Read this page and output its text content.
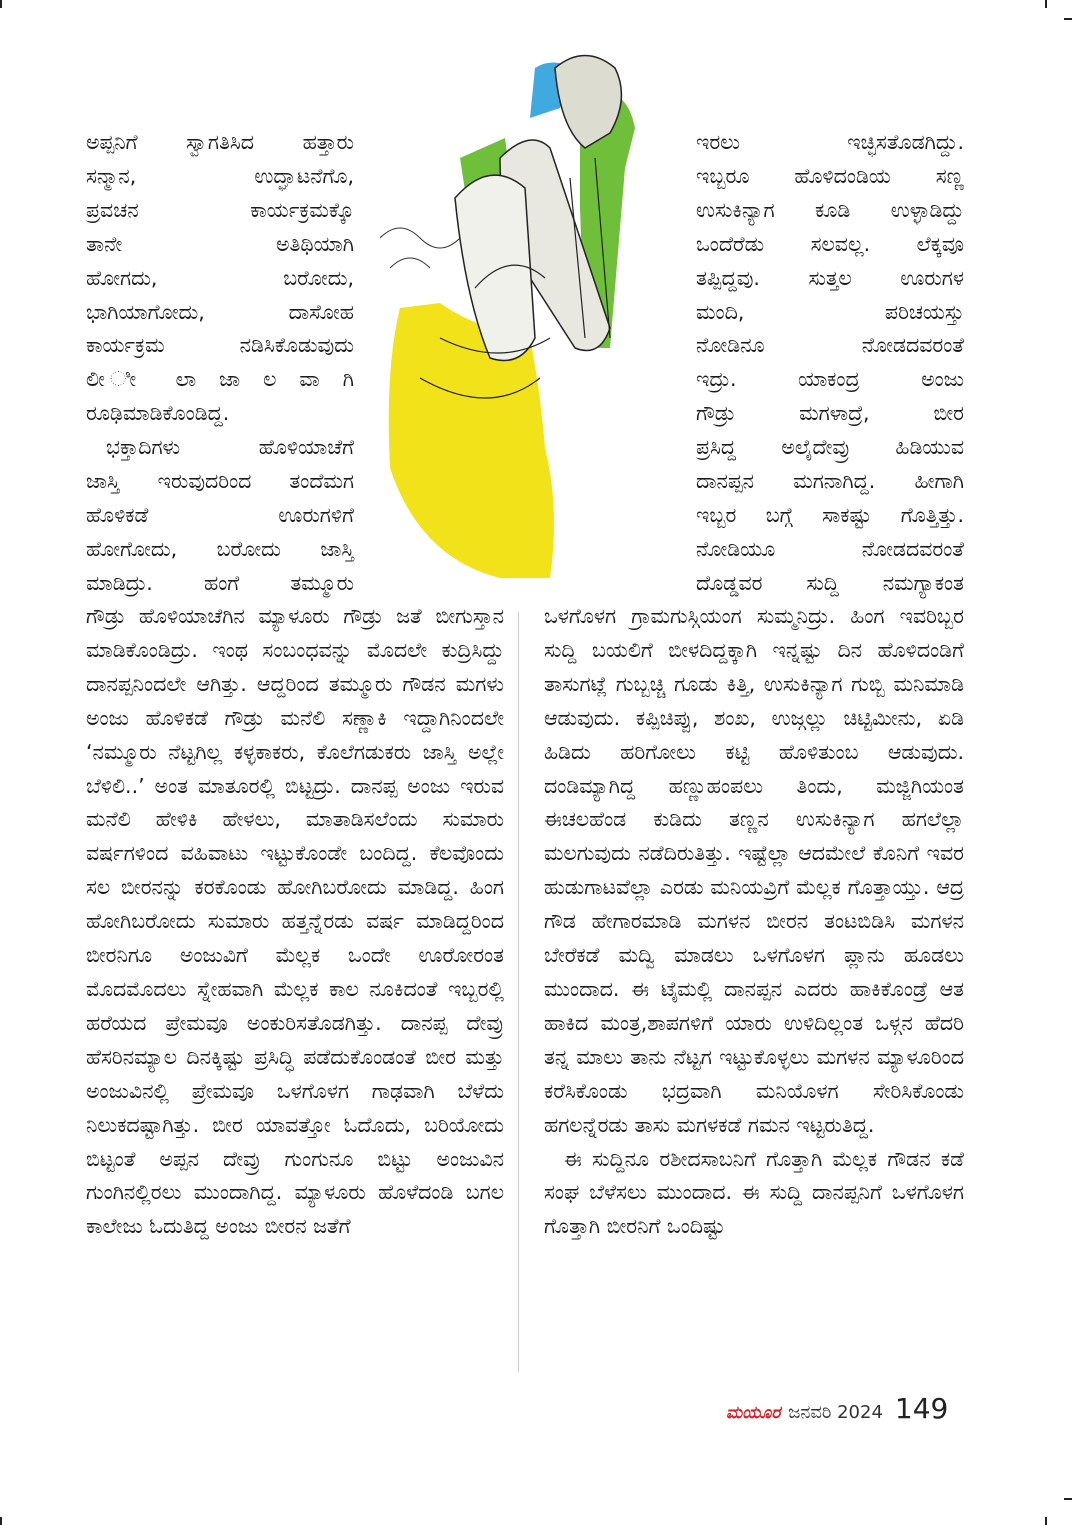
ಅಪ್ಪನಿಗೆ ಸ್ವಾಗತಿಸಿದ ಹತ್ತಾರು
ಸನ್ಮಾನ, ಉದ್ಘಾಟನೆಗೊ,
ಪ್ರವಚನ ಕಾರ್ಯಕ್ರಮಕ್ಕೊ
ತಾನೇ ಅತಿಥಿಯಾಗಿ
ಹೋಗದು, ಬರೋದು,
ಭಾಗಿಯಾಗೋದು, ದಾಸೋಹ
ಕಾರ್ಯಕ್ರಮ ನಡಿಸಿಕೊಡುವುದು
ಲೀ ೀ ಲಾ ಜಾ ಲ ವಾ ಗಿ
ರೂಢಿಮಾಡಿಕೊಂಡಿದ್ದ.
ಭಕ್ತಾದಿಗಳು ಹೊಳಿಯಾಚೆಗೆ
ಜಾಸ್ತಿ ಇರುವುದರಿಂದ ತಂದೆಮಗ
ಹೊಳಿಕಡೆ ಊರುಗಳಿಗೆ
ಹೋಗೋದು, ಬರೋದು ಜಾಸ್ತಿ
ಮಾಡಿದ್ರು. ಹಂಗೆ ತಮ್ಮೂರು
ಇರಲು ಇಚ್ಛಿಸತೊಡಗಿದ್ದು.
ಇಬ್ಬರೂ ಹೊಳಿದಂಡಿಯ ಸಣ್ಣ
ಉಸುಕಿನ್ಯಾಗ ಕೂಡಿ ಉಳ್ಳಾಡಿದ್ದು
ಒಂದೆರೆಡು ಸಲವಲ್ಲ. ಲೆಕ್ಕವೂ
ತಪ್ಪಿದ್ದವು. ಸುತ್ತಲ ಊರುಗಳ
ಮಂದಿ, ಪರಿಚಯಸ್ತು
ನೋಡಿನೂ ನೋಡದವರಂತೆ
ಇದ್ರು. ಯಾಕಂದ್ರ ಅಂಜು
ಗೌಡ್ರು ಮಗಳಾದ್ರೆ, ಬೀರ
ಪ್ರಸಿದ್ದ ಅಲೈದೇವ್ರು ಹಿಡಿಯುವ
ದಾನಪ್ಪನ ಮಗನಾಗಿದ್ದ. ಹೀಗಾಗಿ
ಇಬ್ಬರ ಬಗ್ಗೆ ಸಾಕಷ್ಟು ಗೊತ್ತಿತ್ತು.
ನೋಡಿಯೂ ನೋಡದವರಂತೆ
ದೊಡ್ಡವರ ಸುದ್ದಿ ನಮಗ್ಯಾಕಂತ

ಗೌಡ್ರು ಹೊಳಿಯಾಚೆಗಿನ ಮ್ಯಾಳೂರು ಗೌಡ್ರು ಜತೆ ಬೀಗುಸ್ತಾನ ಮಾಡಿಕೊಂಡಿದ್ರು. ಇಂಥ ಸಂಬಂಧವನ್ನು ಮೊದಲೇ ಕುದ್ರಿಸಿದ್ದು ದಾನಪ್ಪನಿಂದಲೇ ಆಗಿತ್ತು. ಆದ್ದರಿಂದ ತಮ್ಮೂರು ಗೌಡನ ಮಗಳು ಅಂಜು ಹೊಳಿಕಡೆ ಗೌಡ್ರು ಮನೆಲಿ ಸಣ್ಣಾಕಿ ಇದ್ದಾಗಿನಿಂದಲೇ ‘ನಮ್ಮೂರು ನೆಟ್ಟಗಿಲ್ಲ ಕಳ್ಳಕಾಕರು, ಕೊಲೆಗಡುಕರು ಜಾಸ್ತಿ ಅಲ್ಲೇ ಬೆಳಿಲಿ..’ ಅಂತ ಮಾತೂರಲ್ಲಿ ಬಿಟ್ಟದ್ರು. ದಾನಪ್ಪ ಅಂಜು ಇರುವ ಮನೆಲಿ ಹೇಳಿಕಿ ಹೇಳಲು, ಮಾತಾಡಿಸಲೆಂದು ಸುಮಾರು ವರ್ಷಗಳಿಂದ ವಹಿವಾಟು ಇಟ್ಟುಕೊಂಡೇ ಬಂದಿದ್ದ. ಕೆಲವೊಂದು ಸಲ ಬೀರನನ್ನು ಕರಕೊಂಡು ಹೋಗಿಬರೋದು ಮಾಡಿದ್ದ. ಹಿಂಗ ಹೋಗಿಬರೋದು ಸುಮಾರು ಹತ್ತನ್ನೆರಡು ವರ್ಷ ಮಾಡಿದ್ದರಿಂದ ಬೀರನಿಗೂ ಅಂಜುವಿಗೆ ಮೆಲ್ಲಕ ಒಂದೇ ಊರೋರಂತ ಮೊದಮೊದಲು ಸ್ನೇಹವಾಗಿ ಮೆಲ್ಲಕ ಕಾಲ ನೂಕಿದಂತೆ ಇಬ್ಬರಲ್ಲಿ ಹರೆಯದ ಪ್ರೇಮವೂ ಅಂಕುರಿಸತೊಡಗಿತ್ತು. ದಾನಪ್ಪ ದೇವ್ರು ಹೆಸರಿನಮ್ಯಾಲ ದಿನಕ್ಕಿಷ್ಟು ಪ್ರಸಿದ್ಧಿ ಪಡೆದುಕೊಂಡಂತೆ ಬೀರ ಮತ್ತು ಅಂಜುವಿನಲ್ಲಿ ಪ್ರೇಮವೂ ಒಳಗೊಳಗ ಗಾಢವಾಗಿ ಬೆಳೆದು ನಿಲುಕದಷ್ಟಾಗಿತ್ತು. ಬೀರ ಯಾವತ್ತೋ ಓದೊದು, ಬರಿಯೋದು ಬಿಟ್ಟಂತೆ ಅಪ್ಪನ ದೇವ್ರು ಗುಂಗುನೂ ಬಿಟ್ಟು ಅಂಜುವಿನ ಗುಂಗಿನಲ್ಲಿರಲು ಮುಂದಾಗಿದ್ದ. ಮ್ಯಾಳೂರು ಹೊಳೆದಂಡಿ ಬಗಲ ಕಾಲೇಜು ಓದುತಿದ್ದ ಅಂಜು ಬೀರನ ಜತೆಗೆ

ಒಳಗೊಳಗ ಗ್ರಾಮಗುಸ್ಗಿಯಂಗ ಸುಮ್ಮನಿದ್ರು. ಹಿಂಗ ಇವರಿಬ್ಬರ ಸುದ್ದಿ ಬಯಲಿಗೆ ಬೀಳದಿದ್ದಕ್ಕಾಗಿ ಇನ್ನಷ್ಟು ದಿನ ಹೊಳಿದಂಡಿಗೆ ತಾಸುಗಟ್ಲೆ ಗುಬ್ಬಚ್ಚಿ ಗೂಡು ಕಿತ್ತಿ, ಉಸುಕಿನ್ಯಾಗ ಗುಬ್ಬಿ ಮನಿಮಾಡಿ ಆಡುವುದು. ಕಪ್ಪಿಚಿಪ್ಪು, ಶಂಖ, ಉಜ್ಗಲ್ಲು ಚಿಟ್ಟಿಮೀನು, ಏಡಿ ಹಿಡಿದು ಹರಿಗೋಲು ಕಟ್ಟಿ ಹೊಳಿತುಂಬ ಆಡುವುದು. ದಂಡಿಮ್ಯಾಗಿದ್ದ ಹಣ್ಣುಹಂಪಲು ತಿಂದು, ಮಜ್ಜಿಗಿಯಂತ ಈಚಲಹೆಂಡ ಕುಡಿದು ತಣ್ಣನ ಉಸುಕಿನ್ಯಾಗ ಹಗಲೆಲ್ಲಾ ಮಲಗುವುದು ನಡೆದಿರುತಿತ್ತು. ಇಷ್ಟೆಲ್ಲಾ ಆದಮೇಲೆ ಕೊನಿಗೆ ಇವರ ಹುಡುಗಾಟವೆಲ್ಲಾ ಎರಡು ಮನಿಯವ್ರಿಗೆ ಮೆಲ್ಲಕ ಗೊತ್ತಾಯ್ತು. ಆದ್ರ ಗೌಡ ಹೇಗಾರಮಾಡಿ ಮಗಳನ ಬೀರನ ತಂಟಬಿಡಿಸಿ ಮಗಳನ ಬೇರೆಕಡೆ ಮದ್ವಿ ಮಾಡಲು ಒಳಗೊಳಗ ಪ್ಲಾನು ಹೂಡಲು ಮುಂದಾದ. ಈ ಟೈಮಲ್ಲಿ ದಾನಪ್ಪನ ಎದರು ಹಾಕಿಕೊಂಡ್ರೆ ಆತ ಹಾಕಿದ ಮಂತ್ರ,ಶಾಪಗಳಿಗೆ ಯಾರು ಉಳಿದಿಲ್ಲಂತ ಒಳ್ಗನ ಹೆದರಿ ತನ್ನ ಮಾಲು ತಾನು ನೆಟ್ಟಗ ಇಟ್ಟುಕೊಳ್ಳಲು ಮಗಳನ ಮ್ಯಾಳೂರಿಂದ ಕರೆಸಿಕೊಂಡು ಭದ್ರವಾಗಿ ಮನಿಯೊಳಗ ಸೇರಿಸಿಕೊಂಡು ಹಗಲನ್ನೆರಡು ತಾಸು ಮಗಳಕಡೆ ಗಮನ ಇಟ್ಟರುತಿದ್ದ.

ಈ ಸುದ್ದಿನೂ ರಶೀದಸಾಬನಿಗೆ ಗೊತ್ತಾಗಿ ಮೆಲ್ಲಕ ಗೌಡನ ಕಡೆ ಸಂಘ ಬೆಳೆಸಲು ಮುಂದಾದ. ಈ ಸುದ್ದಿ ದಾನಪ್ಪನಿಗೆ ಒಳಗೊಳಗ ಗೊತ್ತಾಗಿ ಬೀರನಿಗೆ ಒಂದಿಷ್ಟು

ಮಯೂರ ಜನವರಿ 2024 149
